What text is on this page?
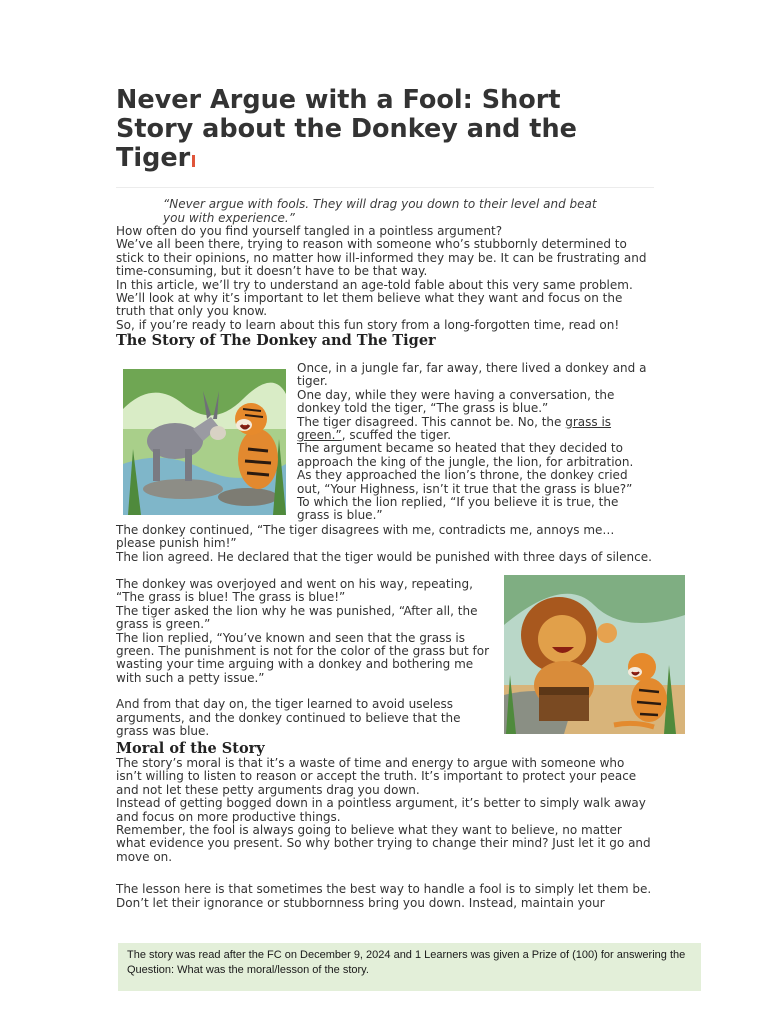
Never Argue with a Fool: Short Story about the Donkey and the Tiger
“Never argue with fools. They will drag you down to their level and beat you with experience.”

How often do you find yourself tangled in a pointless argument?

We’ve all been there, trying to reason with someone who’s stubbornly determined to stick to their opinions, no matter how ill-informed they may be. It can be frustrating and time-consuming, but it doesn’t have to be that way.

In this article, we’ll try to understand an age-told fable about this very same problem. We’ll look at why it’s important to let them believe what they want and focus on the truth that only you know.

So, if you’re ready to learn about this fun story from a long-forgotten time, read on!

The Story of The Donkey and The Tiger

Once, in a jungle far, far away, there lived a donkey and a tiger.

One day, while they were having a conversation, the donkey told the tiger, “The grass is blue.”

The tiger disagreed. This cannot be. No, the grass is green.”, scuffed the tiger.

The argument became so heated that they decided to approach the king of the jungle, the lion, for arbitration.

As they approached the lion’s throne, the donkey cried out, “Your Highness, isn’t it true that the grass is blue?”

To which the lion replied, “If you believe it is true, the grass is blue.”

The donkey continued, “The tiger disagrees with me, contradicts me, annoys me… please punish him!”

The lion agreed. He declared that the tiger would be punished with three days of silence.

The donkey was overjoyed and went on his way, repeating, “The grass is blue! The grass is blue!”

The tiger asked the lion why he was punished, “After all, the grass is green.”

The lion replied, “You’ve known and seen that the grass is green. The punishment is not for the color of the grass but for wasting your time arguing with a donkey and bothering me with such a petty issue.”

And from that day on, the tiger learned to avoid useless arguments, and the donkey continued to believe that the grass was blue.

Moral of the Story

The story’s moral is that it’s a waste of time and energy to argue with someone who isn’t willing to listen to reason or accept the truth. It’s important to protect your peace and not let these petty arguments drag you down.

Instead of getting bogged down in a pointless argument, it’s better to simply walk away and focus on more productive things.

Remember, the fool is always going to believe what they want to believe, no matter what evidence you present. So why bother trying to change their mind? Just let it go and move on.

The lesson here is that sometimes the best way to handle a fool is to simply let them be. Don’t let their ignorance or stubbornness bring you down. Instead, maintain your

The story was read after the FC on December 9, 2024 and 1 Learners was given a Prize of (100) for answering the Question: What was the moral/lesson of the story.
